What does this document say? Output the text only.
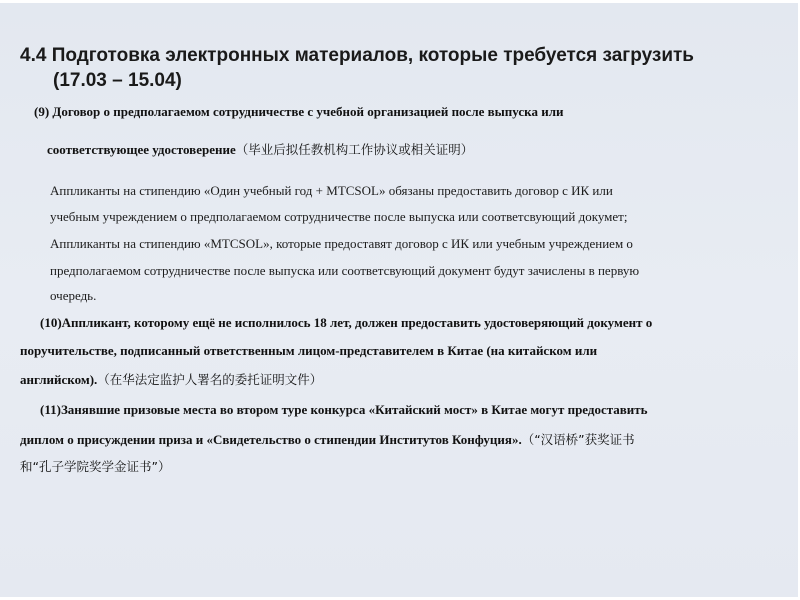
4.4 Подготовка электронных материалов, которые требуется загрузить
(17.03 – 15.04)
(9) Договор о предполагаемом сотрудничестве с учебной организацией после выпуска или
соответствующее удостоверение（毕业后拟任教机构工作协议或相关证明）
Аппликанты на стипендию «Один учебный год + MTCSOL» обязаны предоставить договор с ИК или
учебным учреждением о предполагаемом сотрудничестве после выпуска или соответсвующий докумет;
Аппликанты на стипендию «MTCSOL», которые предоставят договор с ИК или учебным учреждением о
предполагаемом сотрудничестве после выпуска или соответсвующий документ будут зачислены в первую
очередь.
(10)Аппликант, которому ещё не исполнилось 18 лет, должен предоставить удостоверяющий документ о
поручительстве, подписанный ответственным лицом-представителем в Китае (на китайском или
английском).（在华法定监护人署名的委托证明文件）
(11)Занявшие призовые места во втором туре конкурса «Китайский мост» в Китае могут предоставить
диплом о присуждении приза и «Свидетельство о стипендии Институтов Конфуция».（“汉语桥”获奖证书
和“孔子学院奖学金证书”）
